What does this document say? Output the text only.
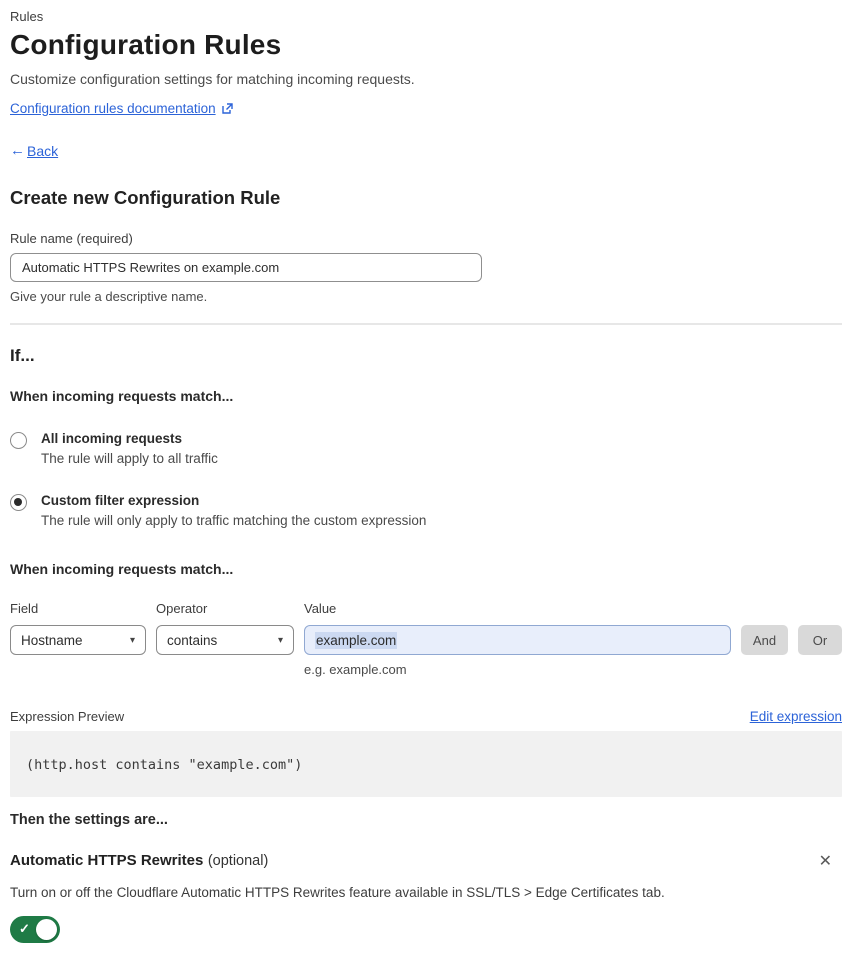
Rules
Configuration Rules

Customize configuration settings for matching incoming requests.

Configuration rules documentation
← Back
Create new Configuration Rule
Rule name (required)
Automatic HTTPS Rewrites on example.com
Give your rule a descriptive name.
If...
When incoming requests match...
All incoming requests
The rule will apply to all traffic
Custom filter expression
The rule will only apply to traffic matching the custom expression
When incoming requests match...
Field	Operator	Value
Hostname	▾ contains	▾ example.com	And	Or
e.g. example.com
Expression Preview	Edit expression
(http.host contains "example.com")
Then the settings are...
Automatic HTTPS Rewrites (optional)	✕

Turn on or off the Cloudflare Automatic HTTPS Rewrites feature available in SSL/TLS > Edge Certificates tab.

✓
